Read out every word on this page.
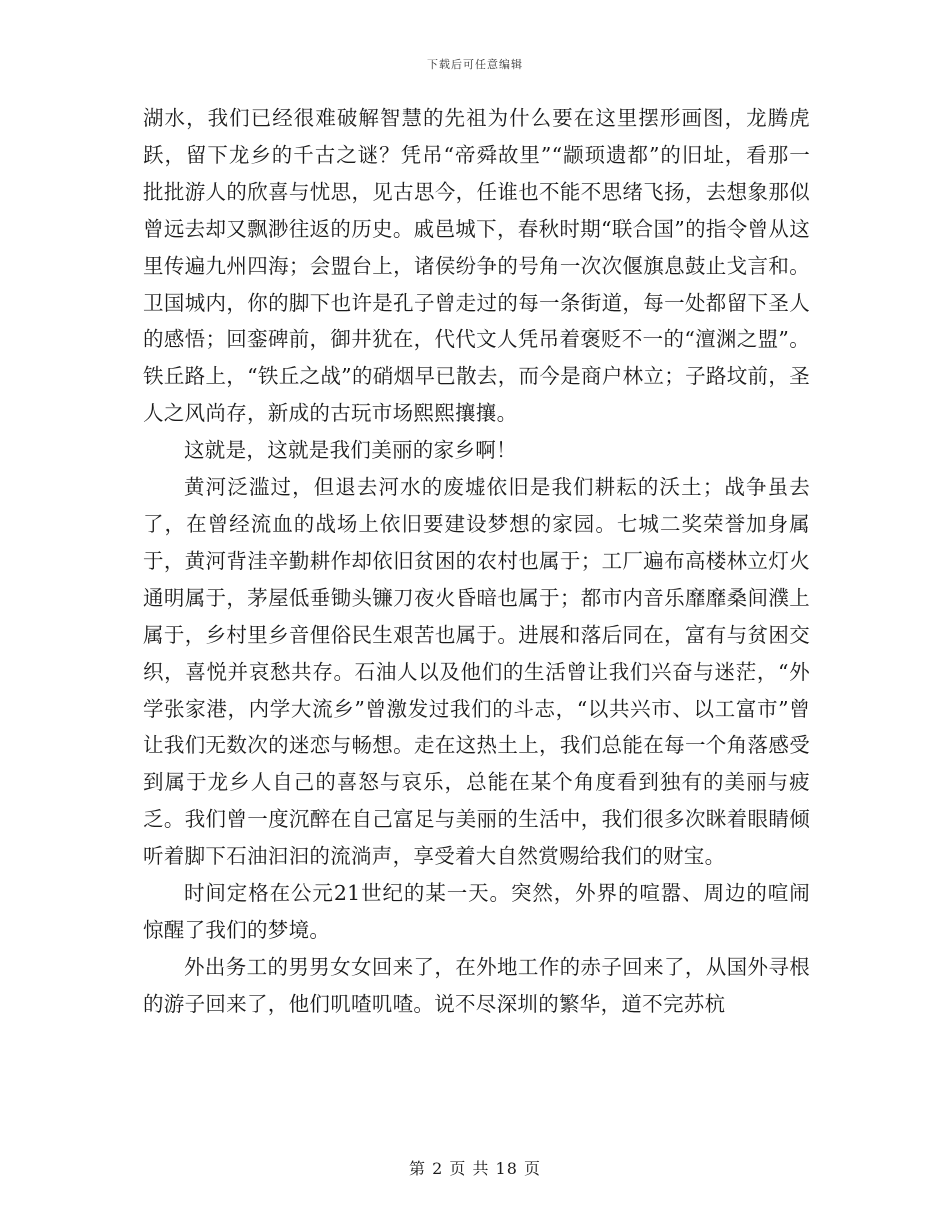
下载后可任意编辑

湖水，我们已经很难破解智慧的先祖为什么要在这里摆形画图，龙腾虎跃，留下龙乡的千古之谜？凭吊“帝舜故里”“颛顼遗都”的旧址，看那一批批游人的欣喜与忧思，见古思今，任谁也不能不思绪飞扬，去想象那似曾远去却又飘渺往返的历史。戚邑城下，春秋时期“联合国”的指令曾从这里传遍九州四海；会盟台上，诸侯纷争的号角一次次偃旗息鼓止戈言和。卫国城内，你的脚下也许是孔子曾走过的每一条街道，每一处都留下圣人的感悟；回銮碑前，御井犹在，代代文人凭吊着褒贬不一的“澶渊之盟”。铁丘路上，“铁丘之战”的硝烟早已散去，而今是商户林立；子路坟前，圣人之风尚存，新成的古玩市场熙熙攘攘。

这就是，这就是我们美丽的家乡啊！

黄河泛滥过，但退去河水的废墟依旧是我们耕耘的沃土；战争虽去了，在曾经流血的战场上依旧要建设梦想的家园。七城二奖荣誉加身属于，黄河背洼辛勤耕作却依旧贫困的农村也属于；工厂遍布高楼林立灯火通明属于，茅屋低垂锄头镰刀夜火昏暗也属于；都市内音乐靡靡桑间濮上属于，乡村里乡音俚俗民生艰苦也属于。进展和落后同在，富有与贫困交织，喜悦并哀愁共存。石油人以及他们的生活曾让我们兴奋与迷茫，“外学张家港，内学大流乡”曾激发过我们的斗志，“以共兴市、以工富市”曾让我们无数次的迷恋与畅想。走在这热土上，我们总能在每一个角落感受到属于龙乡人自己的喜怒与哀乐，总能在某个角度看到独有的美丽与疲乏。我们曾一度沉醉在自己富足与美丽的生活中，我们很多次眯着眼睛倾听着脚下石油汩汩的流淌声，享受着大自然赏赐给我们的财宝。

时间定格在公元21世纪的某一天。突然，外界的喧嚣、周边的喧闹惊醒了我们的梦境。

外出务工的男男女女回来了，在外地工作的赤子回来了，从国外寻根的游子回来了，他们叽喳叽喳。说不尽深圳的繁华，道不完苏杭

第 2 页 共 18 页
